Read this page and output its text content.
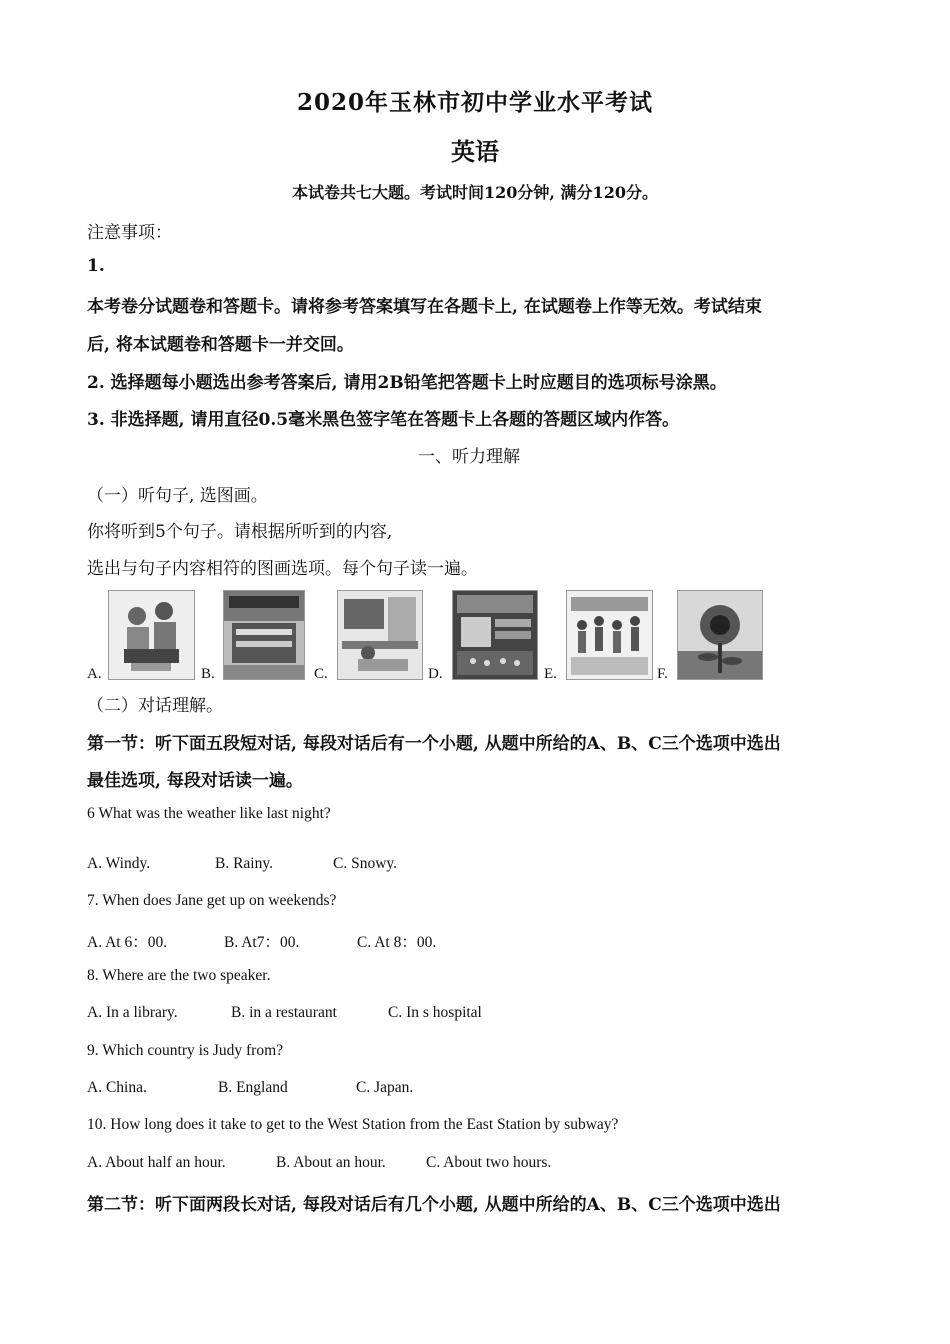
2020年玉林市初中学业水平考试
英语
本试卷共七大题。考试时间120分钟, 满分120分。
注意事项：
1.
本考卷分试题卷和答题卡。请将参考答案填写在各题卡上, 在试题卷上作等无效。考试结束
后, 将本试题卷和答题卡一并交回。
2. 选择题每小题选出参考答案后, 请用2B铅笔把答题卡上时应题目的选项标号涂黑。
3. 非选择题, 请用直径0.5毫米黑色签字笔在答题卡上各题的答题区域内作答。
一、听力理解
（一）听句子, 选图画。
你将听到5个句子。请根据所听到的内容,
选出与句子内容相符的图画选项。每个句子读一遍。
A.	B.	C.	D.	E.	F.
（二）对话理解。
第一节：听下面五段短对话, 每段对话后有一个小题, 从题中所给的A、B、C三个选项中选出
最佳选项, 每段对话读一遍。
6 What was the weather like last night?
A. Windy.	B. Rainy.	C. Snowy.
7. When does Jane get up on weekends?
A. At 6：00.	B. At7：00.	C. At 8：00.
8. Where are the two speaker.
A. In a library.	B. in a restaurant	C. In s hospital
9. Which country is Judy from?
A. China.	B. England	C. Japan.
10. How long does it take to get to the West Station from the East Station by subway?
A. About half an hour.	B. About an hour.	C. About two hours.
第二节：听下面两段长对话, 每段对话后有几个小题, 从题中所给的A、B、C三个选项中选出
